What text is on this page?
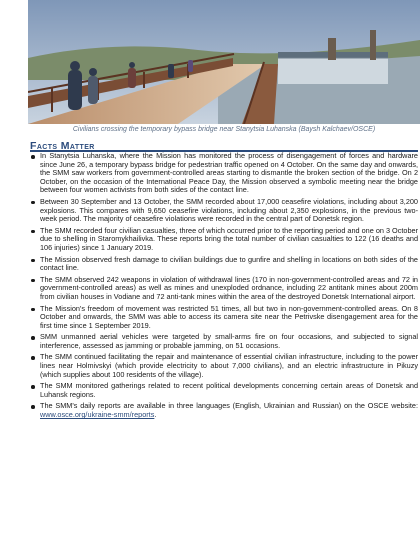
Civilians crossing the temporary bypass bridge near Stanytsia Luhanska (Baysh Kalchaev/OSCE)
Facts Matter
In Stanytsia Luhanska, where the Mission has monitored the process of disengagement of forces and hardware since June 26, a temporary bypass bridge for pedestrian traffic opened on 4 October. On the same day and onwards, the SMM saw workers from government-controlled areas starting to dismantle the broken section of the bridge. On 2 October, on the occasion of the International Peace Day, the Mission observed a symbolic meeting near the bridge between four women activists from both sides of the contact line.
Between 30 September and 13 October, the SMM recorded about 17,000 ceasefire violations, including about 3,200 explosions. This compares with 9,650 ceasefire violations, including about 2,350 explosions, in the previous two-week period. The majority of ceasefire violations were recorded in the central part of Donetsk region.
The SMM recorded four civilian casualties, three of which occurred prior to the reporting period and one on 3 October due to shelling in Staromykhailivka. These reports bring the total number of civilian casualties to 122 (16 deaths and 106 injuries) since 1 January 2019.
The Mission observed fresh damage to civilian buildings due to gunfire and shelling in locations on both sides of the contact line.
The SMM observed 242 weapons in violation of withdrawal lines (170 in non-government-controlled areas and 72 in government-controlled areas) as well as mines and unexploded ordnance, including 22 antitank mines about 200m from civilian houses in Vodiane and 72 anti-tank mines within the area of the destroyed Donetsk International airport.
The Mission's freedom of movement was restricted 51 times, all but two in non-government-controlled areas. On 8 October and onwards, the SMM was able to access its camera site near the Petrivske disengagement area for the first time since 1 September 2019.
SMM unmanned aerial vehicles were targeted by small-arms fire on four occasions, and subjected to signal interference, assessed as jamming or probable jamming, on 51 occasions.
The SMM continued facilitating the repair and maintenance of essential civilian infrastructure, including to the power lines near Holmivskyi (which provide electricity to about 7,000 civilians), and an electric infrastructure in Pikuzy (which supplies about 100 residents of the village).
The SMM monitored gatherings related to recent political developments concerning certain areas of Donetsk and Luhansk regions.
The SMM's daily reports are available in three languages (English, Ukrainian and Russian) on the OSCE website: www.osce.org/ukraine-smm/reports.
